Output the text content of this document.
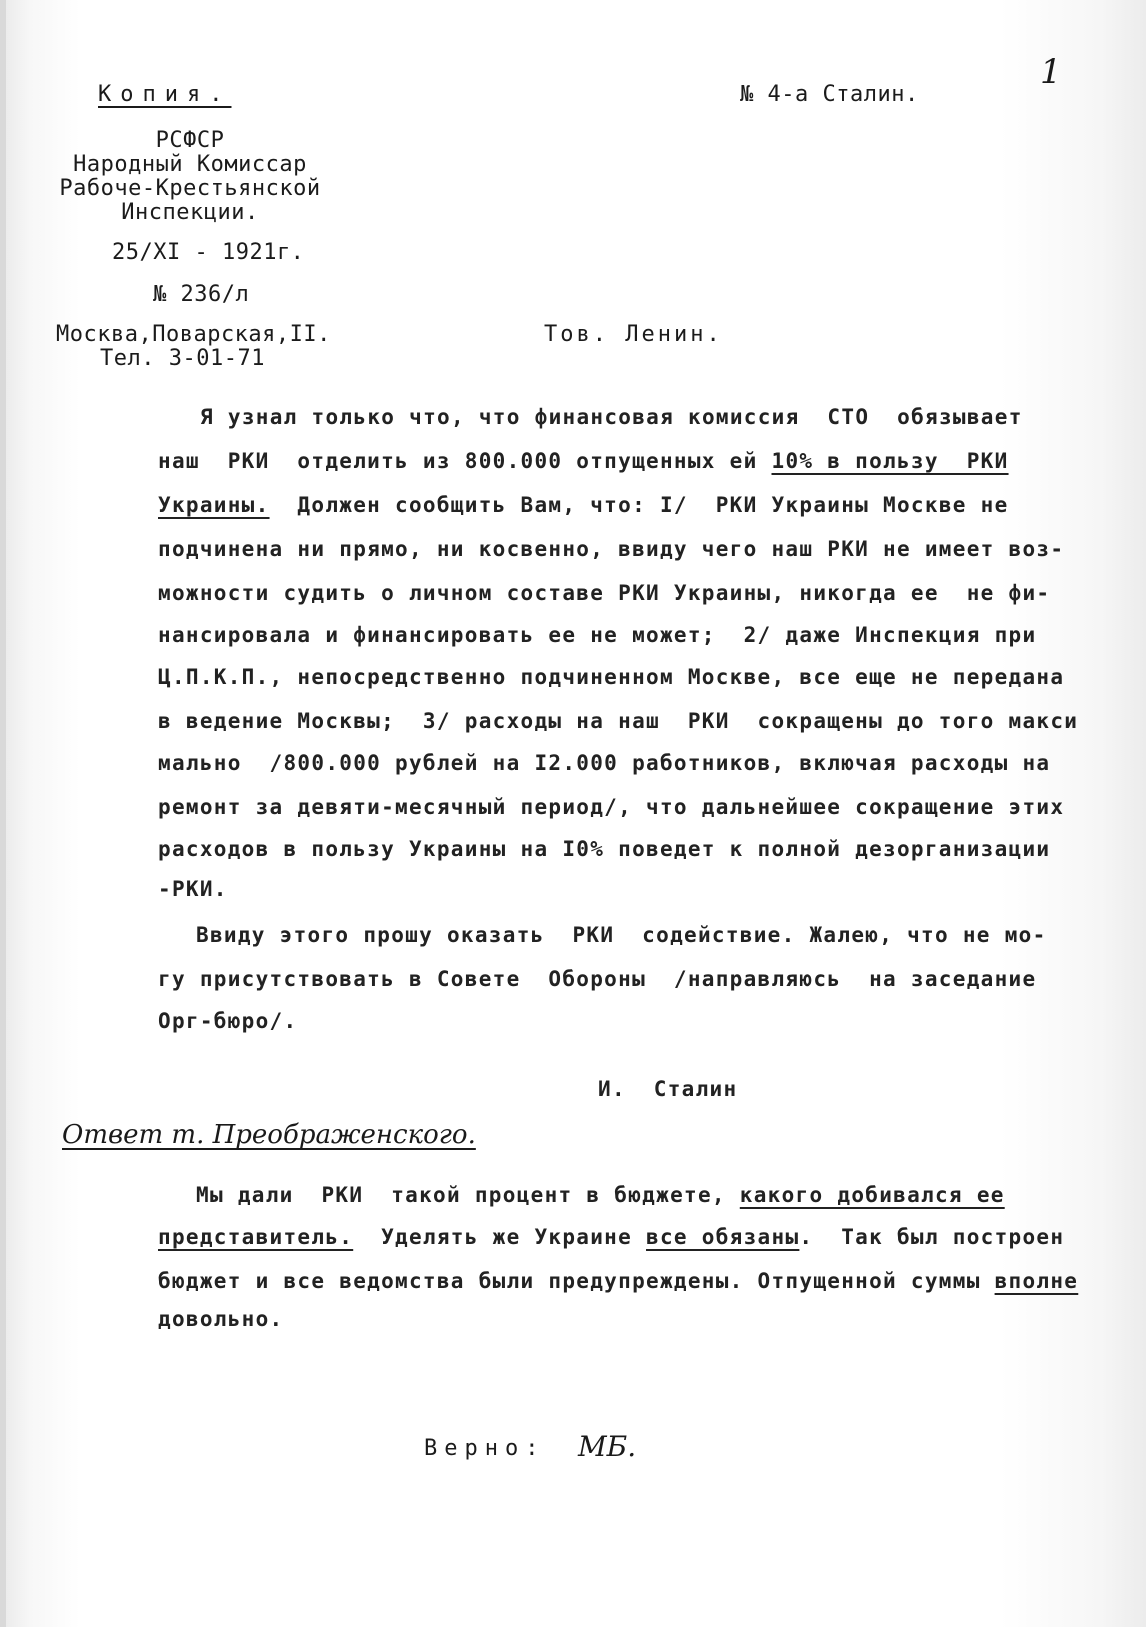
1
Копия.	№ 4-а Сталин.
РСФСР
Народный Комиссар
Рабоче-Крестьянской
Инспекции.
25/XI - 1921г.
№ 236/л
Москва,Поварская,II.
Тел. 3-01-71
Тов. Ленин.
Я узнал только что, что финансовая комиссия  СТО  обязывает
наш  РКИ  отделить из 800.000 отпущенных ей 10% в пользу  РКИ
Украины.  Должен сообщить Вам, что: I/  РКИ Украины Москве не
подчинена ни прямо, ни косвенно, ввиду чего наш РКИ не имеет воз-
можности судить о личном составе РКИ Украины, никогда ее  не фи-
нансировала и финансировать ее не может;  2/ даже Инспекция при
Ц.П.К.П., непосредственно подчиненном Москве, все еще не передана
в ведение Москвы;  3/ расходы на наш  РКИ  сокращены до того макси
мально  /800.000 рублей на I2.000 работников, включая расходы на
ремонт за девяти-месячный период/, что дальнейшее сокращение этих
расходов в пользу Украины на I0% поведет к полной дезорганизации
-РКИ.
Ввиду этого прошу оказать  РКИ  содействие. Жалею, что не мо-
гу присутствовать в Совете  Обороны  /направляюсь  на заседание
Орг-бюро/.
И.  Сталин
Ответ т. Преображенского.
Мы дали  РКИ  такой процент в бюджете, какого добивался ее
представитель.  Уделять же Украине все обязаны.  Так был построен
бюджет и все ведомства были предупреждены. Отпущенной суммы вполне
довольно.
Верно: МБ.
